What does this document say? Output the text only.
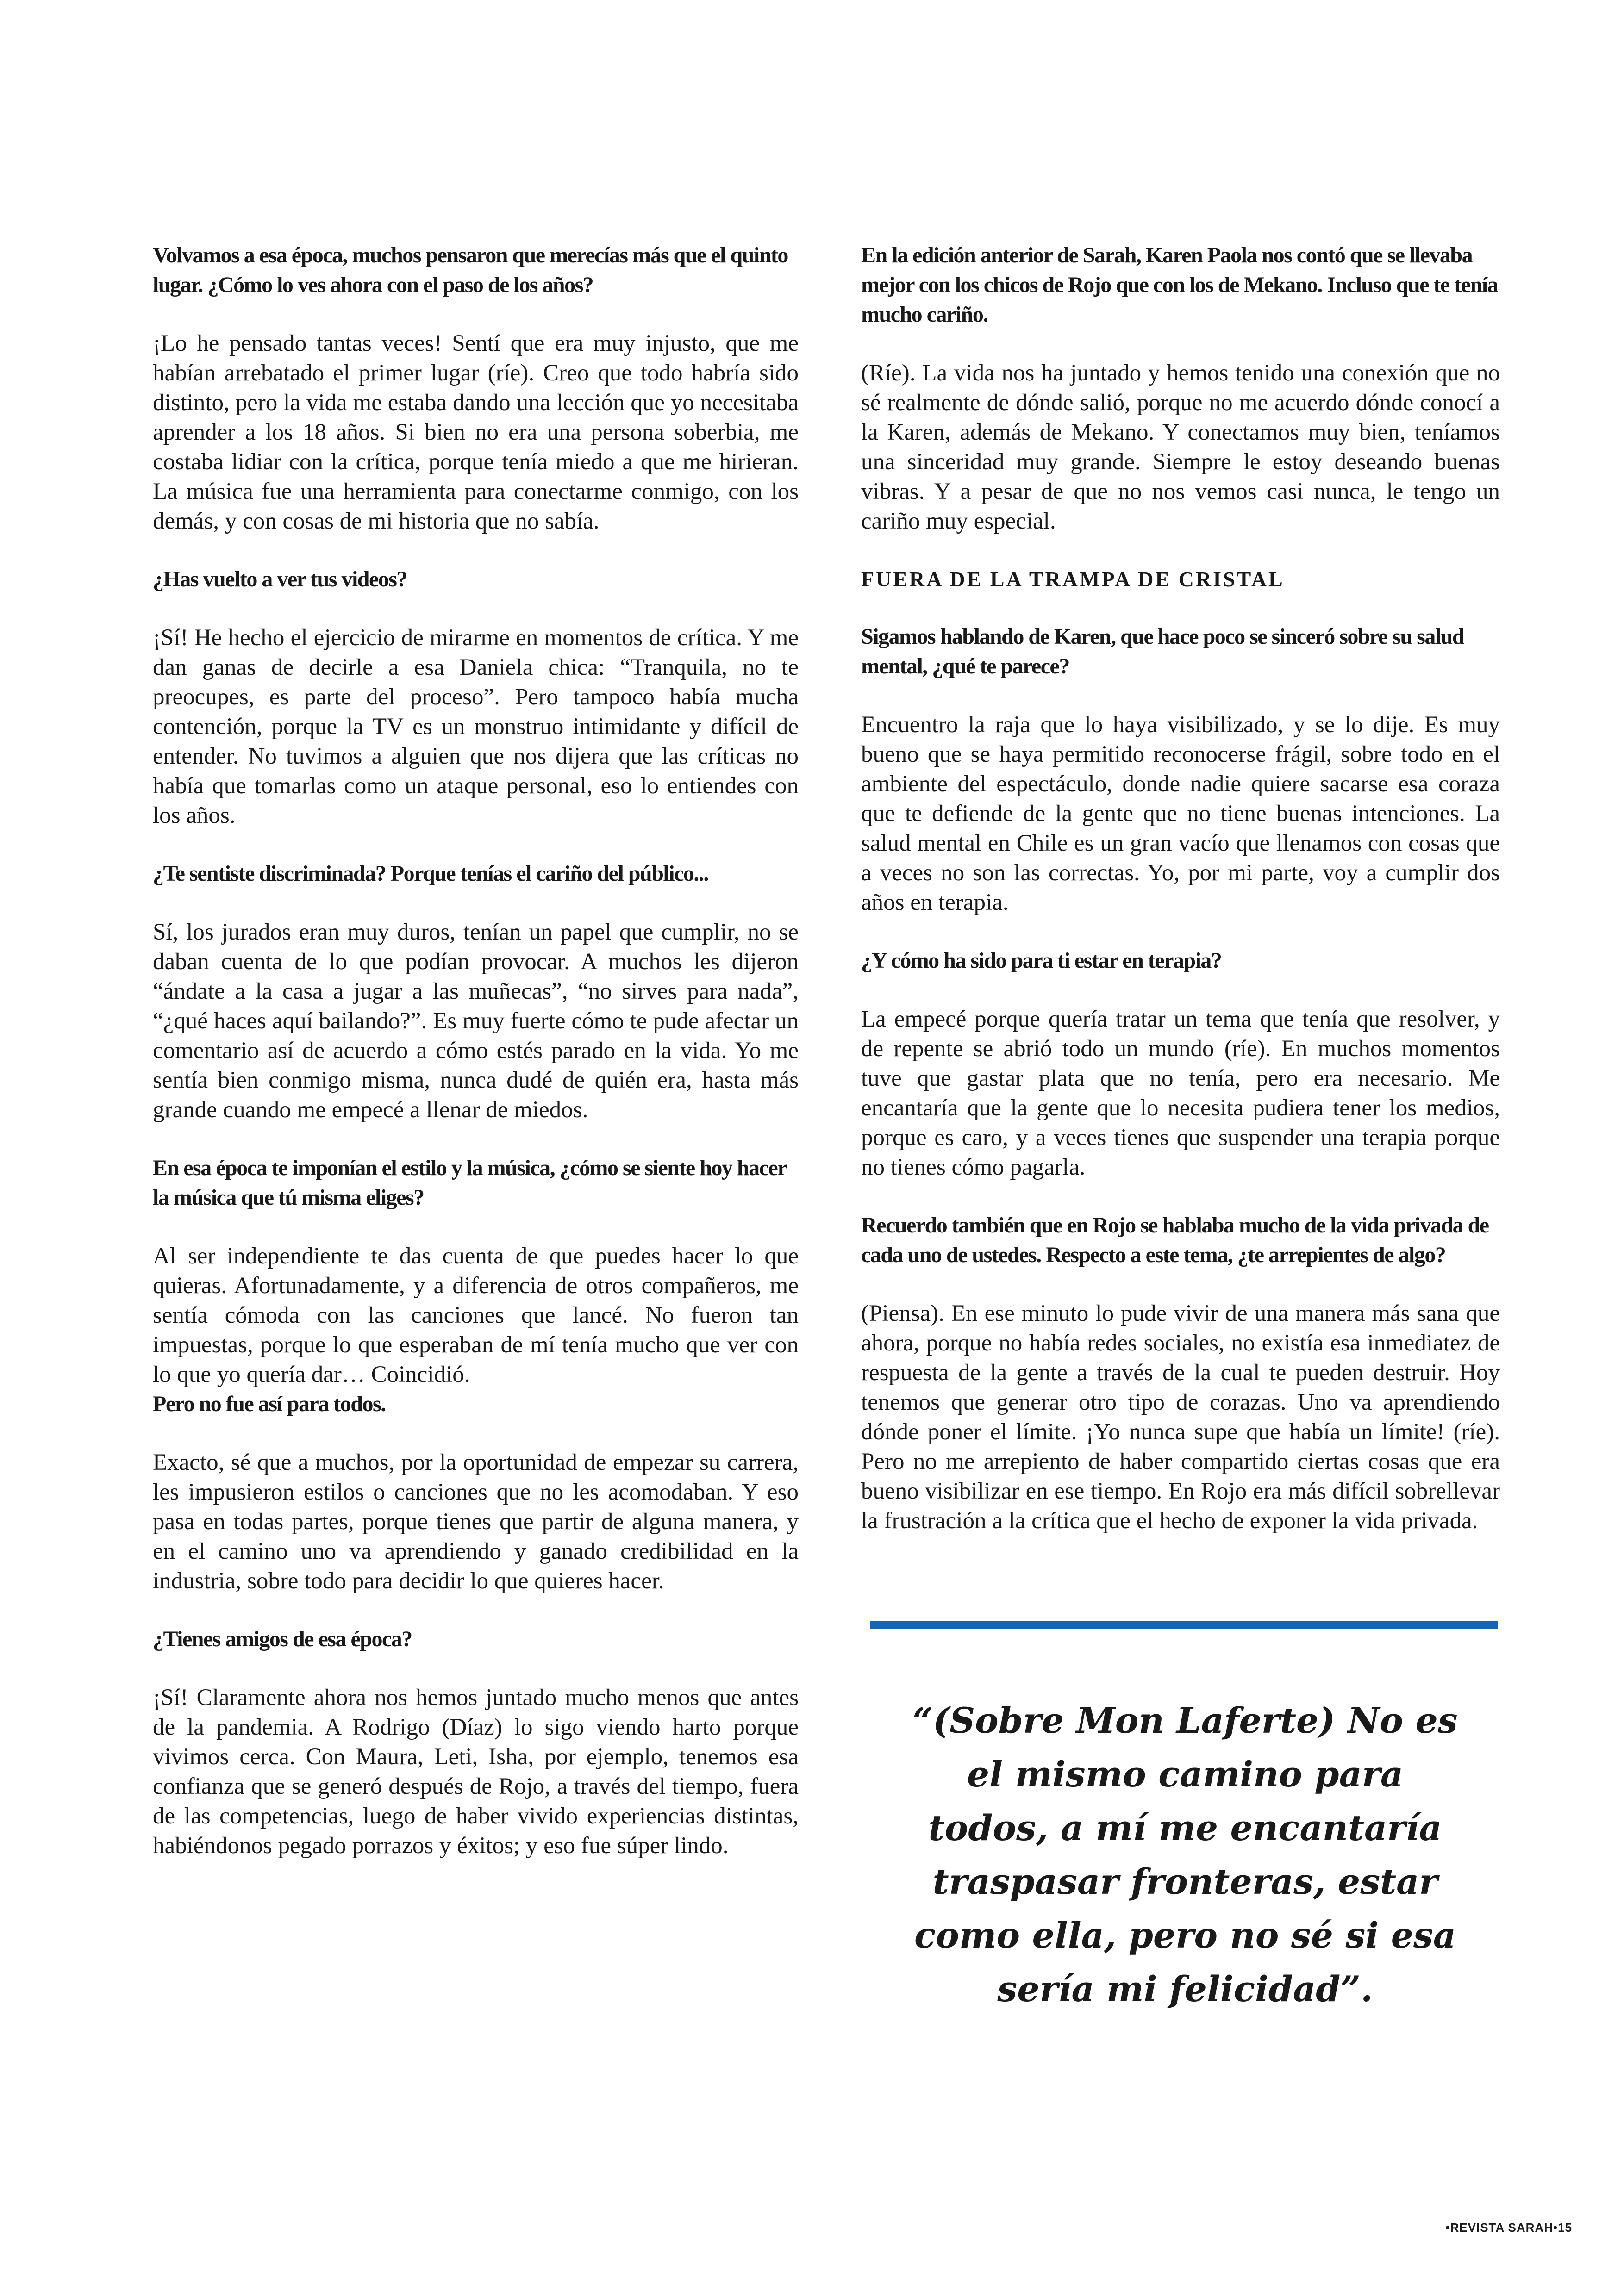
Volvamos a esa época, muchos pensaron que merecías más que el quinto lugar. ¿Cómo lo ves ahora con el paso de los años?

¡Lo he pensado tantas veces! Sentí que era muy injusto, que me habían arrebatado el primer lugar (ríe). Creo que todo habría sido distinto, pero la vida me estaba dando una lección que yo necesitaba aprender a los 18 años. Si bien no era una persona soberbia, me costaba lidiar con la crítica, porque tenía miedo a que me hirieran. La música fue una herramienta para conectarme conmigo, con los demás, y con cosas de mi historia que no sabía.

¿Has vuelto a ver tus videos?

¡Sí! He hecho el ejercicio de mirarme en momentos de crítica. Y me dan ganas de decirle a esa Daniela chica: “Tranquila, no te preocupes, es parte del proceso”. Pero tampoco había mucha contención, porque la TV es un monstruo intimidante y difícil de entender. No tuvimos a alguien que nos dijera que las críticas no había que tomarlas como un ataque personal, eso lo entiendes con los años.

¿Te sentiste discriminada? Porque tenías el cariño del público...

Sí, los jurados eran muy duros, tenían un papel que cumplir, no se daban cuenta de lo que podían provocar. A muchos les dijeron “ándate a la casa a jugar a las muñecas”, “no sirves para nada”, “¿qué haces aquí bailando?”. Es muy fuerte cómo te pude afectar un comentario así de acuerdo a cómo estés parado en la vida. Yo me sentía bien conmigo misma, nunca dudé de quién era, hasta más grande cuando me empecé a llenar de miedos.

En esa época te imponían el estilo y la música, ¿cómo se siente hoy hacer la música que tú misma eliges?

Al ser independiente te das cuenta de que puedes hacer lo que quieras. Afortunadamente, y a diferencia de otros compañeros, me sentía cómoda con las canciones que lancé. No fueron tan impuestas, porque lo que esperaban de mí tenía mucho que ver con lo que yo quería dar… Coincidió.
Pero no fue así para todos.

Exacto, sé que a muchos, por la oportunidad de empezar su carrera, les impusieron estilos o canciones que no les acomodaban. Y eso pasa en todas partes, porque tienes que partir de alguna manera, y en el camino uno va aprendiendo y ganado credibilidad en la industria, sobre todo para decidir lo que quieres hacer.

¿Tienes amigos de esa época?

¡Sí! Claramente ahora nos hemos juntado mucho menos que antes de la pandemia. A Rodrigo (Díaz) lo sigo viendo harto porque vivimos cerca. Con Maura, Leti, Isha, por ejemplo, tenemos esa confianza que se generó después de Rojo, a través del tiempo, fuera de las competencias, luego de haber vivido experiencias distintas, habiéndonos pegado porrazos y éxitos; y eso fue súper lindo.

En la edición anterior de Sarah, Karen Paola nos contó que se llevaba mejor con los chicos de Rojo que con los de Mekano. Incluso que te tenía mucho cariño.

(Ríe). La vida nos ha juntado y hemos tenido una conexión que no sé realmente de dónde salió, porque no me acuerdo dónde conocí a la Karen, además de Mekano. Y conectamos muy bien, teníamos una sinceridad muy grande. Siempre le estoy deseando buenas vibras. Y a pesar de que no nos vemos casi nunca, le tengo un cariño muy especial.

FUERA DE LA TRAMPA DE CRISTAL

Sigamos hablando de Karen, que hace poco se sinceró sobre su salud mental, ¿qué te parece?

Encuentro la raja que lo haya visibilizado, y se lo dije. Es muy bueno que se haya permitido reconocerse frágil, sobre todo en el ambiente del espectáculo, donde nadie quiere sacarse esa coraza que te defiende de la gente que no tiene buenas intenciones. La salud mental en Chile es un gran vacío que llenamos con cosas que a veces no son las correctas. Yo, por mi parte, voy a cumplir dos años en terapia.

¿Y cómo ha sido para ti estar en terapia?

La empecé porque quería tratar un tema que tenía que resolver, y de repente se abrió todo un mundo (ríe). En muchos momentos tuve que gastar plata que no tenía, pero era necesario. Me encantaría que la gente que lo necesita pudiera tener los medios, porque es caro, y a veces tienes que suspender una terapia porque no tienes cómo pagarla.

Recuerdo también que en Rojo se hablaba mucho de la vida privada de cada uno de ustedes. Respecto a este tema, ¿te arrepientes de algo?

(Piensa). En ese minuto lo pude vivir de una manera más sana que ahora, porque no había redes sociales, no existía esa inmediatez de respuesta de la gente a través de la cual te pueden destruir. Hoy tenemos que generar otro tipo de corazas. Uno va aprendiendo dónde poner el límite. ¡Yo nunca supe que había un límite! (ríe). Pero no me arrepiento de haber compartido ciertas cosas que era bueno visibilizar en ese tiempo. En Rojo era más difícil sobrellevar la frustración a la crítica que el hecho de exponer la vida privada.

“(Sobre Mon Laferte) No es el mismo camino para todos, a mí me encantaría traspasar fronteras, estar como ella, pero no sé si esa sería mi felicidad”.
•REVISTA SARAH•15
